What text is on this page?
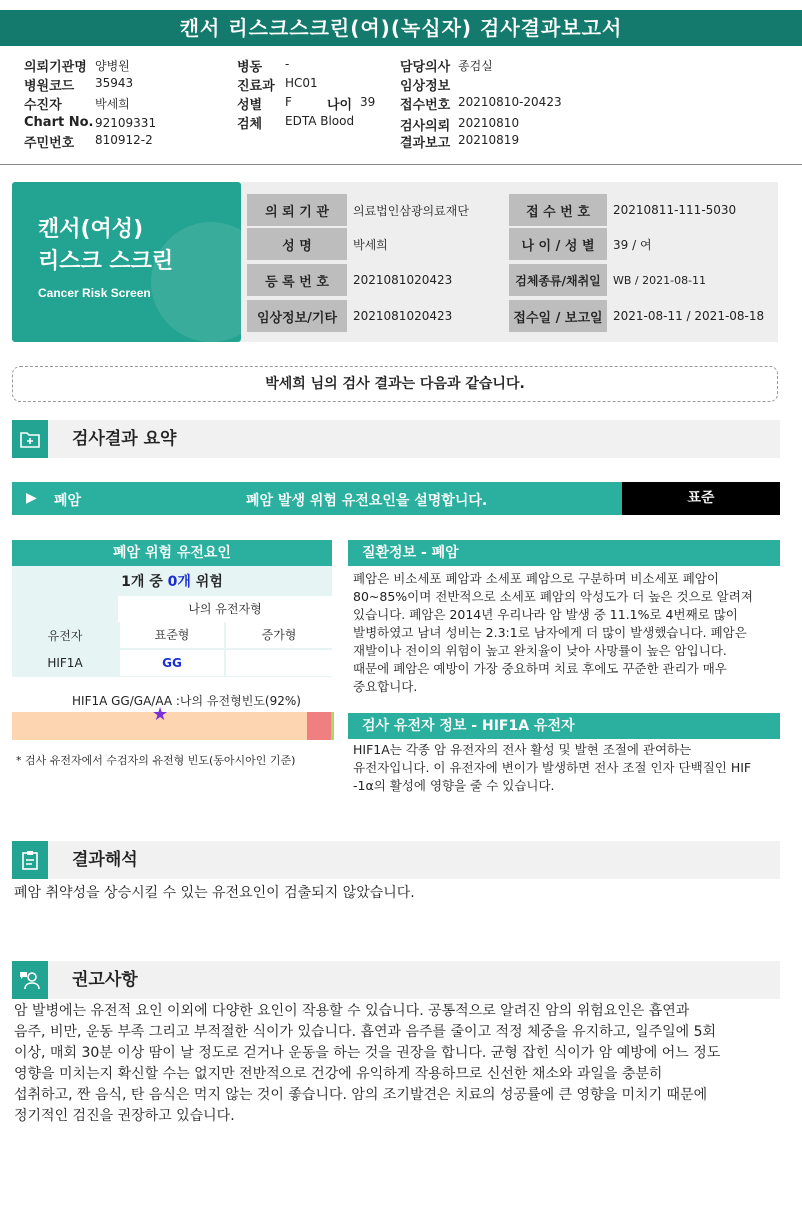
캔서 리스크스크린(여)(녹십자) 검사결과보고서
의뢰기관명 양병원
병원코드 35943
수진자	박세희
Chart No. 92109331
주민번호 810912-2
병동 -
진료과 HC01
성별 F	나이 39
검체 EDTA Blood
담당의사 종검실
임상정보
접수번호 20210810-20423
검사의뢰 20210810
결과보고 20210819
캔서(여성)
리스크 스크린
Cancer Risk Screen
의 뢰 기 관	의료법인삼광의료재단	접 수 번 호	20210811-111-5030
성 명	박세희	나 이 / 성 별	39 / 여
등 록 번 호	2021081020423	검체종류/채취일	WB / 2021-08-11
임상정보/기타	2021081020423	접수일 / 보고일 2021-08-11 / 2021-08-18
박세희 님의 검사 결과는 다음과 같습니다.
검사결과 요약
▶ 폐암	폐암 발생 위험 유전요인을 설명합니다.	표준
폐암 위험 유전요인
1개 중 0개 위험
나의 유전자형
유전자	표준형	증가형
HIF1A	GG
HIF1A GG/GA/AA :나의 유전형빈도(92%)
★
* 검사 유전자에서 수검자의 유전형 빈도(동아시아인 기준)
질환정보 - 폐암
폐암은 비소세포 폐암과 소세포 폐암으로 구분하며 비소세포 폐암이
80~85%이며 전반적으로 소세포 폐암의 악성도가 더 높은 것으로 알려져
있습니다. 폐암은 2014년 우리나라 암 발생 중 11.1%로 4번째로 많이
발병하였고 남녀 성비는 2.3:1로 남자에게 더 많이 발생했습니다. 폐암은
재발이나 전이의 위험이 높고 완치율이 낮아 사망률이 높은 암입니다.
때문에 폐암은 예방이 가장 중요하며 치료 후에도 꾸준한 관리가 매우
중요합니다.
검사 유전자 정보 - HIF1A 유전자
HIF1A는 각종 암 유전자의 전사 활성 및 발현 조절에 관여하는
유전자입니다. 이 유전자에 변이가 발생하면 전사 조절 인자 단백질인 HIF
-1α의 활성에 영향을 줄 수 있습니다.
결과해석
폐암 취약성을 상승시킬 수 있는 유전요인이 검출되지 않았습니다.
권고사항
암 발병에는 유전적 요인 이외에 다양한 요인이 작용할 수 있습니다. 공통적으로 알려진 암의 위험요인은 흡연과
음주, 비만, 운동 부족 그리고 부적절한 식이가 있습니다. 흡연과 음주를 줄이고 적정 체중을 유지하고, 일주일에 5회
이상, 매회 30분 이상 땀이 날 정도로 걷거나 운동을 하는 것을 권장을 합니다. 균형 잡힌 식이가 암 예방에 어느 정도
영향을 미치는지 확신할 수는 없지만 전반적으로 건강에 유익하게 작용하므로 신선한 채소와 과일을 충분히
섭취하고, 짠 음식, 탄 음식은 먹지 않는 것이 좋습니다. 암의 조기발견은 치료의 성공률에 큰 영향을 미치기 때문에
정기적인 검진을 권장하고 있습니다.
